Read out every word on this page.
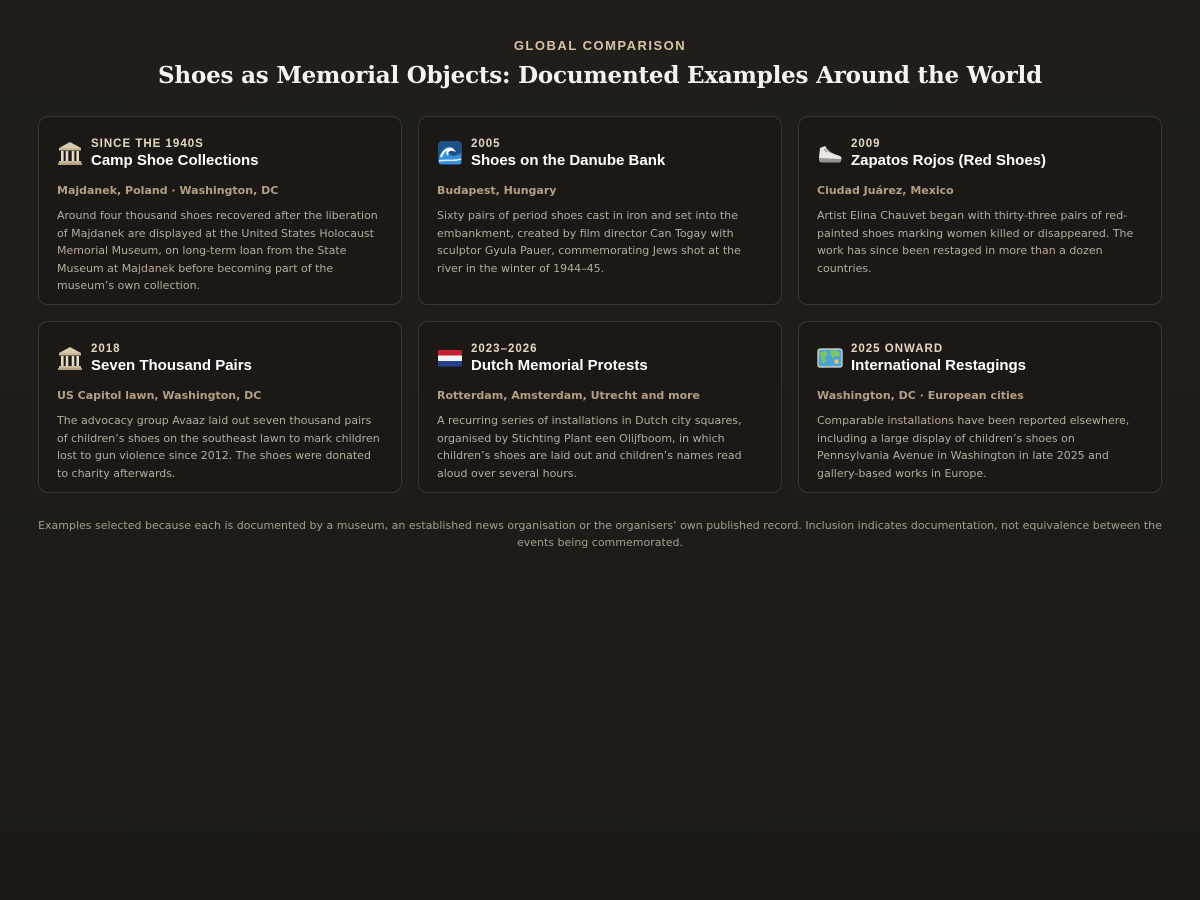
GLOBAL COMPARISON

Shoes as Memorial Objects: Documented Examples Around the World
SINCE THE 1940S
Camp Shoe Collections
Majdanek, Poland · Washington, DC
Around four thousand shoes recovered after the liberation of Majdanek are displayed at the United States Holocaust Memorial Museum, on long-term loan from the State Museum at Majdanek before becoming part of the museum’s own collection.
2005
Shoes on the Danube Bank
Budapest, Hungary
Sixty pairs of period shoes cast in iron and set into the embankment, created by film director Can Togay with sculptor Gyula Pauer, commemorating Jews shot at the river in the winter of 1944–45.
2009
Zapatos Rojos (Red Shoes)
Ciudad Juárez, Mexico
Artist Elina Chauvet began with thirty-three pairs of red-painted shoes marking women killed or disappeared. The work has since been restaged in more than a dozen countries.
2018
Seven Thousand Pairs
US Capitol lawn, Washington, DC
The advocacy group Avaaz laid out seven thousand pairs of children’s shoes on the southeast lawn to mark children lost to gun violence since 2012. The shoes were donated to charity afterwards.
2023–2026
Dutch Memorial Protests
Rotterdam, Amsterdam, Utrecht and more
A recurring series of installations in Dutch city squares, organised by Stichting Plant een Olijfboom, in which children’s shoes are laid out and children’s names read aloud over several hours.
2025 ONWARD
International Restagings
Washington, DC · European cities
Comparable installations have been reported elsewhere, including a large display of children’s shoes on Pennsylvania Avenue in Washington in late 2025 and gallery-based works in Europe.

Examples selected because each is documented by a museum, an established news organisation or the organisers’ own published record. Inclusion indicates documentation, not equivalence between the events being commemorated.
